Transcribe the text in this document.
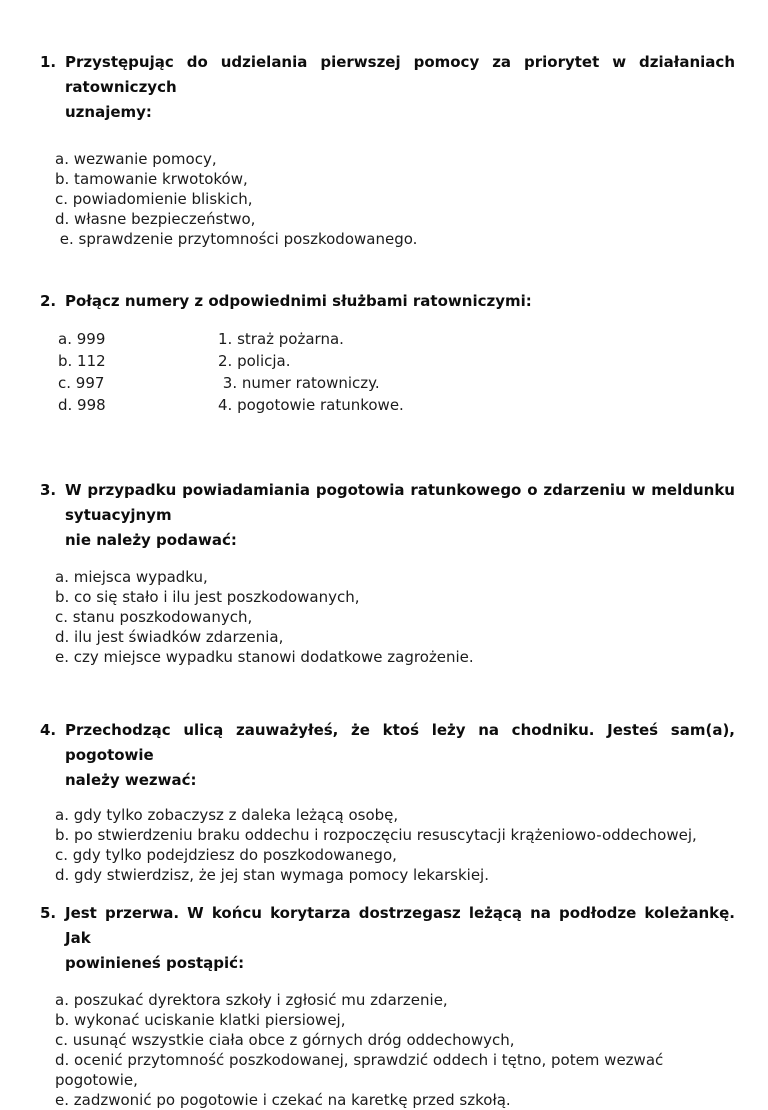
1. Przystępując do udzielania pierwszej pomocy za priorytet w działaniach ratowniczych
uznajemy:
a. wezwanie pomocy,
b. tamowanie krwotoków,
c. powiadomienie bliskich,
d. własne bezpieczeństwo,
e. sprawdzenie przytomności poszkodowanego.
2. Połącz numery z odpowiednimi służbami ratowniczymi:
a. 999	1. straż pożarna.
b. 112	2. policja.
c. 997	3. numer ratowniczy.
d. 998	4. pogotowie ratunkowe.
3. W przypadku powiadamiania pogotowia ratunkowego o zdarzeniu w meldunku sytuacyjnym
nie należy podawać:
a. miejsca wypadku,
b. co się stało i ilu jest poszkodowanych,
c. stanu poszkodowanych,
d. ilu jest świadków zdarzenia,
e. czy miejsce wypadku stanowi dodatkowe zagrożenie.
4. Przechodząc ulicą zauważyłeś, że ktoś leży na chodniku. Jesteś sam(a), pogotowie
należy wezwać:
a. gdy tylko zobaczysz z daleka leżącą osobę,
b. po stwierdzeniu braku oddechu i rozpoczęciu resuscytacji krążeniowo-oddechowej,
c. gdy tylko podejdziesz do poszkodowanego,
d. gdy stwierdzisz, że jej stan wymaga pomocy lekarskiej.
5. Jest przerwa. W końcu korytarza dostrzegasz leżącą na podłodze koleżankę. Jak
powinieneś postąpić:
a. poszukać dyrektora szkoły i zgłosić mu zdarzenie,
b. wykonać uciskanie klatki piersiowej,
c. usunąć wszystkie ciała obce z górnych dróg oddechowych,
d. ocenić przytomność poszkodowanej, sprawdzić oddech i tętno, potem wezwać pogotowie,
e. zadzwonić po pogotowie i czekać na karetkę przed szkołą.
